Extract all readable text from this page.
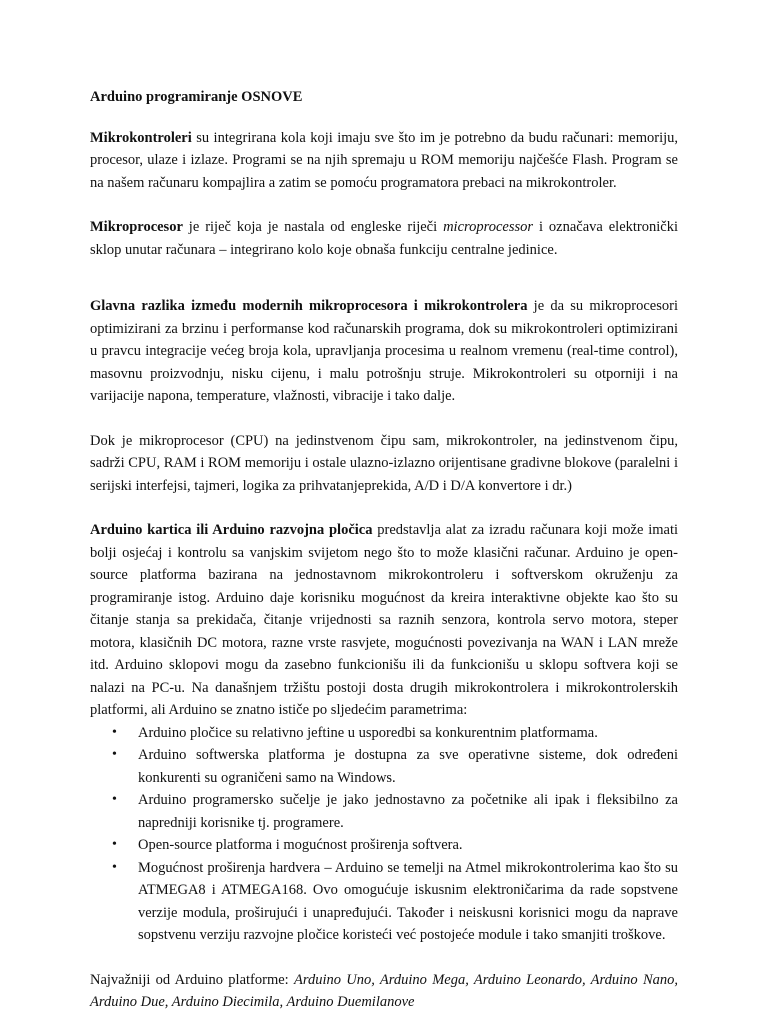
Arduino programiranje OSNOVE

Mikrokontroleri su integrirana kola koji imaju sve što im je potrebno da budu računari: memoriju, procesor, ulaze i izlaze. Programi se na njih spremaju u ROM memoriju najčešće Flash. Program se na našem računaru kompajlira a zatim se pomoću programatora prebaci na mikrokontroler.

Mikroprocesor je riječ koja je nastala od engleske riječi microprocessor i označava elektronički sklop unutar računara – integrirano kolo koje obnaša funkciju centralne jedinice.

Glavna razlika između modernih mikroprocesora i mikrokontrolera je da su mikroprocesori optimizirani za brzinu i performanse kod računarskih programa, dok su mikrokontroleri optimizirani u pravcu integracije većeg broja kola, upravljanja procesima u realnom vremenu (real-time control), masovnu proizvodnju, nisku cijenu, i malu potrošnju struje. Mikrokontroleri su otporniji i na varijacije napona, temperature, vlažnosti, vibracije i tako dalje.

Dok je mikroprocesor (CPU) na jedinstvenom čipu sam, mikrokontroler, na jedinstvenom čipu, sadrži CPU, RAM i ROM memoriju i ostale ulazno-izlazno orijentisane gradivne blokove (paralelni i serijski interfejsi, tajmeri, logika za prihvatanjeprekida, A/D i D/A konvertore i dr.)

Arduino kartica ili Arduino razvojna pločica predstavlja alat za izradu računara koji može imati bolji osjećaj i kontrolu sa vanjskim svijetom nego što to može klasični računar. Arduino je open-source platforma bazirana na jednostavnom mikrokontroleru i softverskom okruženju za programiranje istog. Arduino daje korisniku mogućnost da kreira interaktivne objekte kao što su čitanje stanja sa prekidača, čitanje vrijednosti sa raznih senzora, kontrola servo motora, steper motora, klasičnih DC motora, razne vrste rasvjete, mogućnosti povezivanja na WAN i LAN mreže itd. Arduino sklopovi mogu da zasebno funkcionišu ili da funkcionišu u sklopu softvera koji se nalazi na PC-u. Na današnjem tržištu postoji dosta drugih mikrokontrolera i mikrokontrolerskih platformi, ali Arduino se znatno ističe po sljedećim parametrima:

• Arduino pločice su relativno jeftine u usporedbi sa konkurentnim platformama.
• Arduino softwerska platforma je dostupna za sve operativne sisteme, dok određeni konkurenti su ograničeni samo na Windows.
• Arduino programersko sučelje je jako jednostavno za početnike ali ipak i fleksibilno za napredniji korisnike tj. programere.
• Open-source platforma i mogućnost proširenja softvera.
• Mogućnost proširenja hardvera – Arduino se temelji na Atmel mikrokontrolerima kao što su ATMEGA8 i ATMEGA168. Ovo omogućuje iskusnim elektroničarima da rade sopstvene verzije modula, proširujući i unapređujući. Također i neiskusni korisnici mogu da naprave sopstvenu verziju razvojne pločice koristeći već postojeće module i tako smanjiti troškove.

Najvažniji od Arduino platforme: Arduino Uno, Arduino Mega, Arduino Leonardo, Arduino Nano, Arduino Due, Arduino Diecimila, Arduino Duemilanove
